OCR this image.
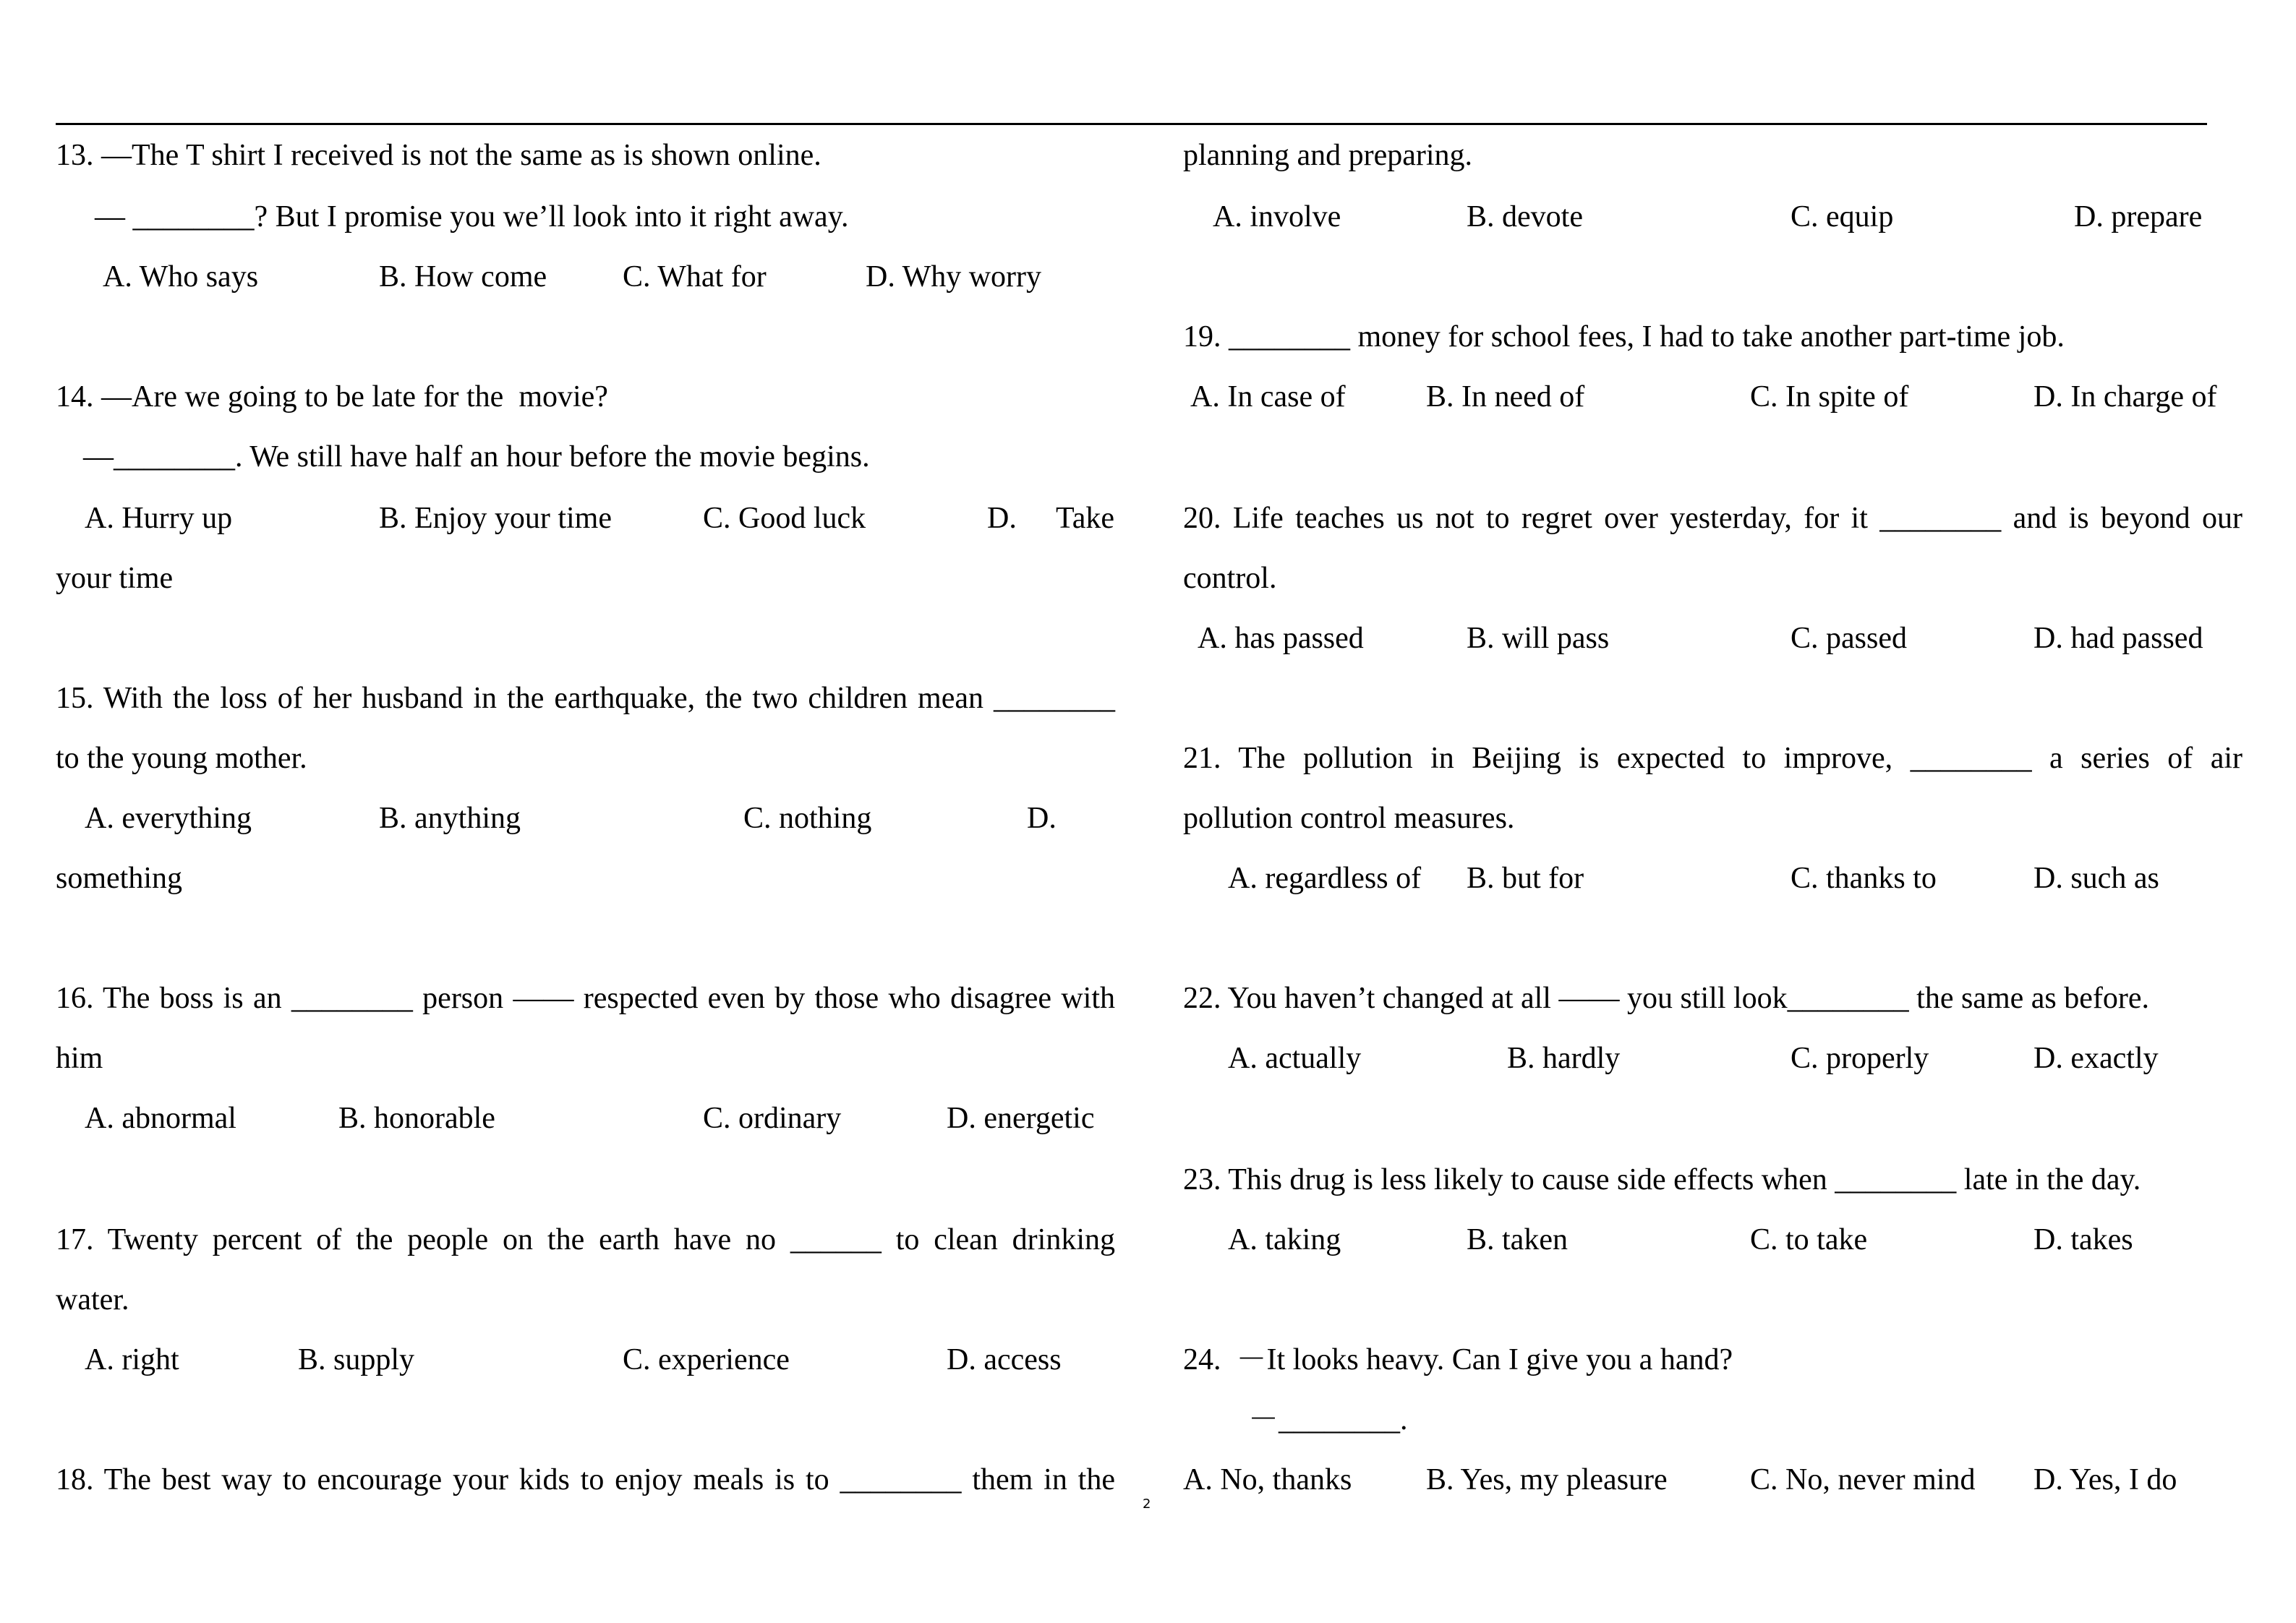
13. —The T shirt I received is not the same as is shown online.
— ________? But I promise you we’ll look into it right away.
A. Who says	B. How come C. What for	D. Why worry
14. —Are we going to be late for the  movie?
—________. We still have half an hour before the movie begins.
A. Hurry up	B. Enjoy your time	C. Good luck	D. Take
your time
15. With the loss of her husband in the earthquake, the two children mean ________
to the young mother.
A. everything	B. anything	C. nothing	D.
something
16. The boss is an ________ person —— respected even by those who disagree with
him
A. abnormal	B. honorable	C. ordinary	D. energetic
17. Twenty percent of the people on the earth have no ______ to clean drinking
water.
A. right	B. supply	C. experience	D. access
18. The best way to encourage your kids to enjoy meals is to ________ them in the
2
planning and preparing.
A. involve	B. devote	C. equip	D. prepare
19. ________ money for school fees, I had to take another part-time job.
A. In case of	B. In need of	C. In spite of	D. In charge of
20. Life teaches us not to regret over yesterday, for it ________ and is beyond our
control.
A. has passed	B. will pass	C. passed	D. had passed
21. The pollution in Beijing is expected to improve, ________ a series of air
pollution control measures.
A. regardless of B. but for	C. thanks to	D. such as
22. You haven’t changed at all —— you still look________ the same as before.
A. actually	B. hardly	C. properly	D. exactly
23. This drug is less likely to cause side effects when ________ late in the day.
A. taking	B. taken	C. to take	D. takes
24.  －It looks heavy. Can I give you a hand?
－________.
A. No, thanks B. Yes, my pleasure	C. No, never mind D. Yes, I do
